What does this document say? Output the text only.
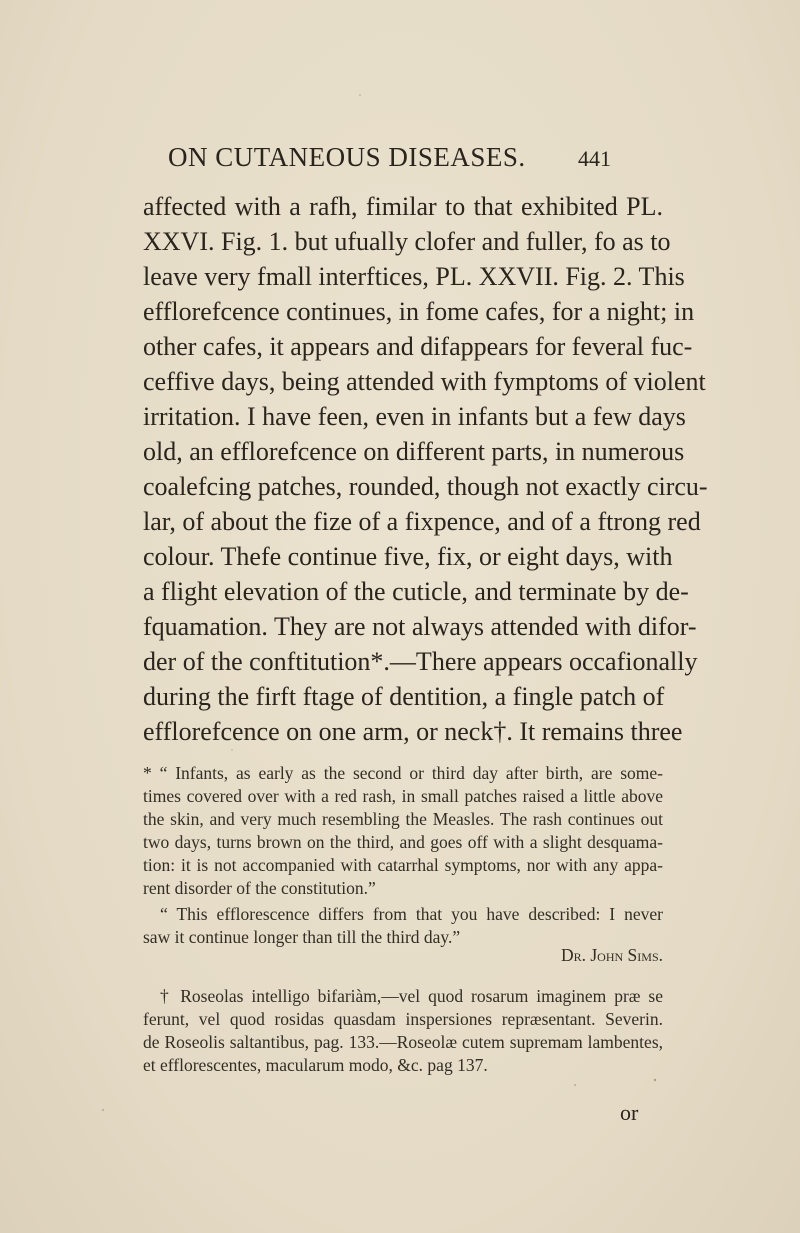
ON CUTANEOUS DISEASES. 441
affected with a rafh, fimilar to that exhibited PL.
XXVI. Fig. 1. but ufually clofer and fuller, fo as to
leave very fmall interftices, PL. XXVII. Fig. 2. This
efflorefcence continues, in fome cafes, for a night; in
other cafes, it appears and difappears for feveral fuc-
ceffive days, being attended with fymptoms of violent
irritation. I have feen, even in infants but a few days
old, an efflorefcence on different parts, in numerous
coalefcing patches, rounded, though not exactly circu-
lar, of about the fize of a fixpence, and of a ftrong red
colour. Thefe continue five, fix, or eight days, with
a flight elevation of the cuticle, and terminate by de-
fquamation. They are not always attended with difor-
der of the conftitution*.—There appears occafionally
during the firft ftage of dentition, a fingle patch of
efflorefcence on one arm, or neck†. It remains three
* “ Infants, as early as the second or third day after birth, are some-
times covered over with a red rash, in small patches raised a little above
the skin, and very much resembling the Measles. The rash continues out
two days, turns brown on the third, and goes off with a slight desquama-
tion: it is not accompanied with catarrhal symptoms, nor with any appa-
rent disorder of the constitution.”
“ This efflorescence differs from that you have described: I never
saw it continue longer than till the third day.”
Dr. John Sims.
† Roseolas intelligo bifariàm,—vel quod rosarum imaginem præ se
ferunt, vel quod rosidas quasdam inspersiones repræsentant. Severin.
de Roseolis saltantibus, pag. 133.—Roseolæ cutem supremam lambentes,
et efflorescentes, macularum modo, &c. pag 137.
or
